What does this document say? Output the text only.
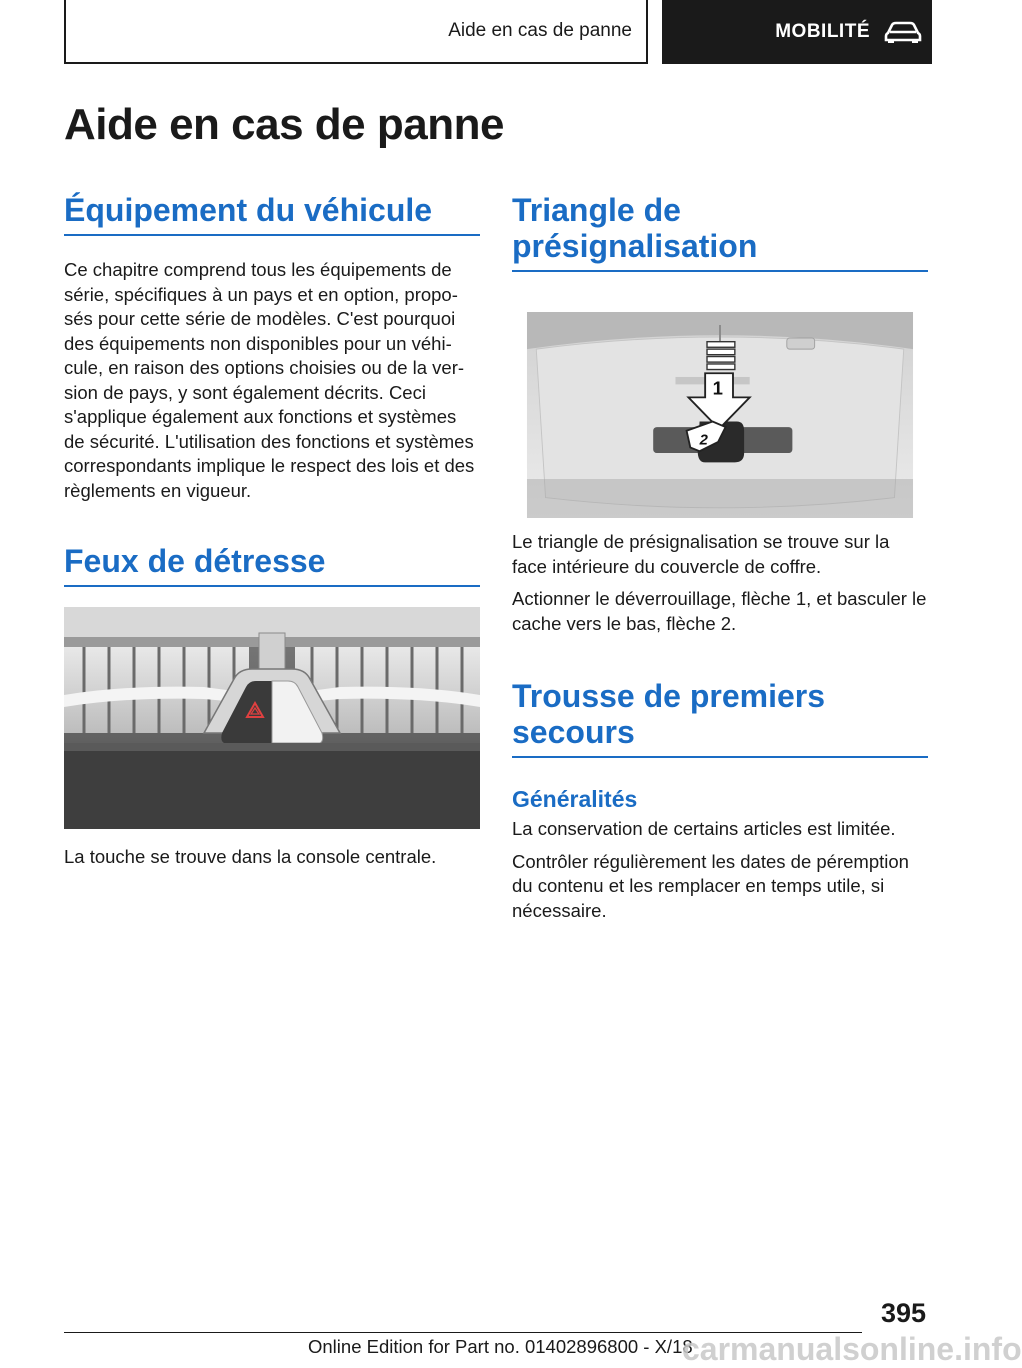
Aide en cas de panne	MOBILITÉ
Aide en cas de panne
Équipement du véhicule

Ce chapitre comprend tous les équipements de série, spécifiques à un pays et en option, proposés pour cette série de modèles. C'est pourquoi des équipements non disponibles pour un véhicule, en raison des options choisies ou de la version de pays, y sont également décrits. Ceci s'applique également aux fonctions et systèmes de sécurité. L'utilisation des fonctions et systèmes correspondants implique le respect des lois et des règlements en vigueur.

Feux de détresse

La touche se trouve dans la console centrale.

Triangle de présignalisation
1
2

Le triangle de présignalisation se trouve sur la face intérieure du couvercle de coffre.

Actionner le déverrouillage, flèche 1, et basculer le cache vers le bas, flèche 2.

Trousse de premiers secours
Généralités

La conservation de certains articles est limitée.

Contrôler régulièrement les dates de péremption du contenu et les remplacer en temps utile, si nécessaire.

395
Online Edition for Part no. 01402896800 - X/18
carmanualsonline.info
